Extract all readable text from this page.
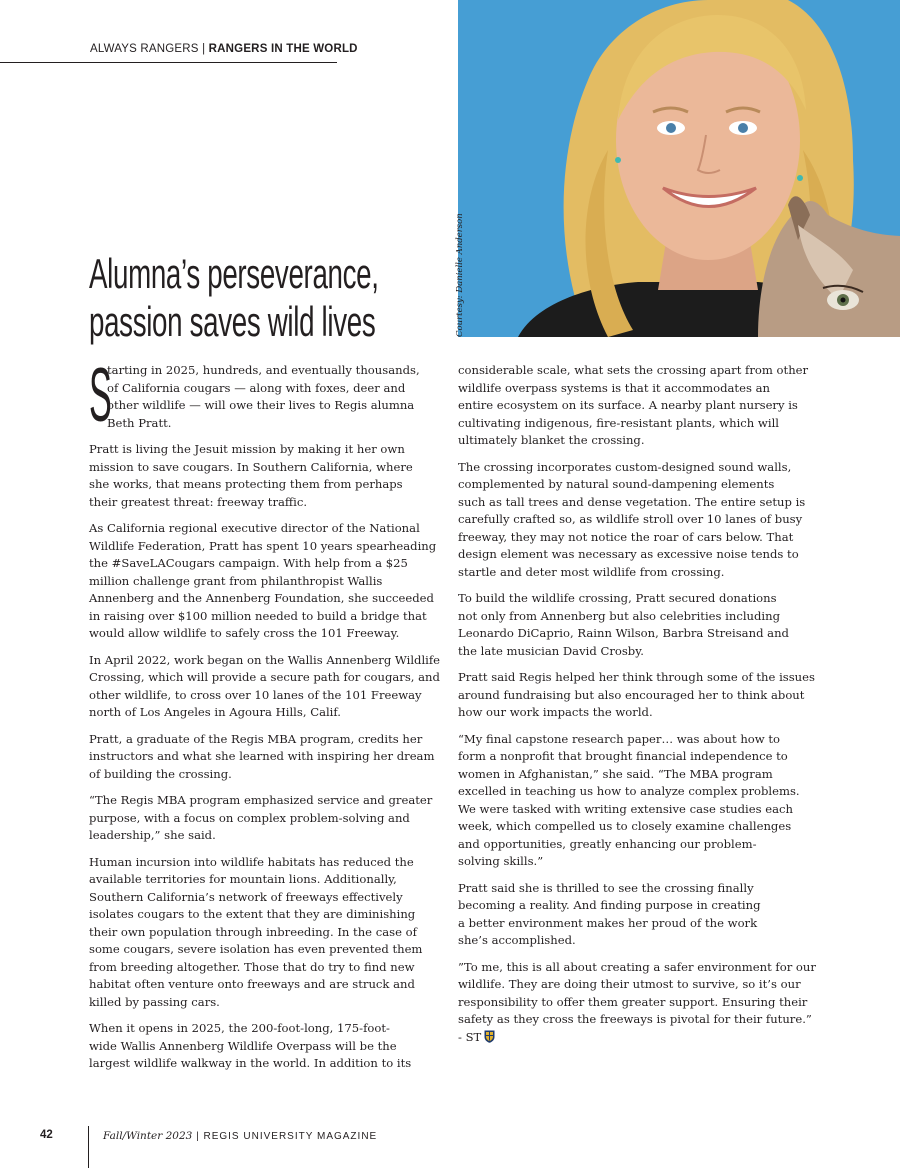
ALWAYS RANGERS | RANGERS IN THE WORLD
Courtesy: Danielle Anderson
Alumna’s perseverance,
passion saves wild lives

S
tarting in 2025, hundreds, and eventually thousands,
of California cougars — along with foxes, deer and
other wildlife — will owe their lives to Regis alumna
Beth Pratt.

Pratt is living the Jesuit mission by making it her own
mission to save cougars. In Southern California, where
she works, that means protecting them from perhaps
their greatest threat: freeway traffic.

As California regional executive director of the National
Wildlife Federation, Pratt has spent 10 years spearheading
the #SaveLACougars campaign. With help from a $25
million challenge grant from philanthropist Wallis
Annenberg and the Annenberg Foundation, she succeeded
in raising over $100 million needed to build a bridge that
would allow wildlife to safely cross the 101 Freeway.

In April 2022, work began on the Wallis Annenberg Wildlife
Crossing, which will provide a secure path for cougars, and
other wildlife, to cross over 10 lanes of the 101 Freeway
north of Los Angeles in Agoura Hills, Calif.

Pratt, a graduate of the Regis MBA program, credits her
instructors and what she learned with inspiring her dream
of building the crossing.

“The Regis MBA program emphasized service and greater
purpose, with a focus on complex problem-solving and
leadership,” she said.

Human incursion into wildlife habitats has reduced the
available territories for mountain lions. Additionally,
Southern California’s network of freeways effectively
isolates cougars to the extent that they are diminishing
their own population through inbreeding. In the case of
some cougars, severe isolation has even prevented them
from breeding altogether. Those that do try to find new
habitat often venture onto freeways and are struck and
killed by passing cars.

When it opens in 2025, the 200-foot-long, 175-foot-
wide Wallis Annenberg Wildlife Overpass will be the
largest wildlife walkway in the world. In addition to its

considerable scale, what sets the crossing apart from other
wildlife overpass systems is that it accommodates an
entire ecosystem on its surface. A nearby plant nursery is
cultivating indigenous, fire-resistant plants, which will
ultimately blanket the crossing.

The crossing incorporates custom-designed sound walls,
complemented by natural sound-dampening elements
such as tall trees and dense vegetation. The entire setup is
carefully crafted so, as wildlife stroll over 10 lanes of busy
freeway, they may not notice the roar of cars below. That
design element was necessary as excessive noise tends to
startle and deter most wildlife from crossing.

To build the wildlife crossing, Pratt secured donations
not only from Annenberg but also celebrities including
Leonardo DiCaprio, Rainn Wilson, Barbra Streisand and
the late musician David Crosby.

Pratt said Regis helped her think through some of the issues
around fundraising but also encouraged her to think about
how our work impacts the world.

“My final capstone research paper… was about how to
form a nonprofit that brought financial independence to
women in Afghanistan,” she said. “The MBA program
excelled in teaching us how to analyze complex problems.
We were tasked with writing extensive case studies each
week, which compelled us to closely examine challenges
and opportunities, greatly enhancing our problem-
solving skills.”

Pratt said she is thrilled to see the crossing finally
becoming a reality. And finding purpose in creating
a better environment makes her proud of the work
she’s accomplished.

”To me, this is all about creating a safer environment for our
wildlife. They are doing their utmost to survive, so it’s our
responsibility to offer them greater support. Ensuring their
safety as they cross the freeways is pivotal for their future.”
- ST

42	Fall/Winter 2023 | REGIS UNIVERSITY MAGAZINE
